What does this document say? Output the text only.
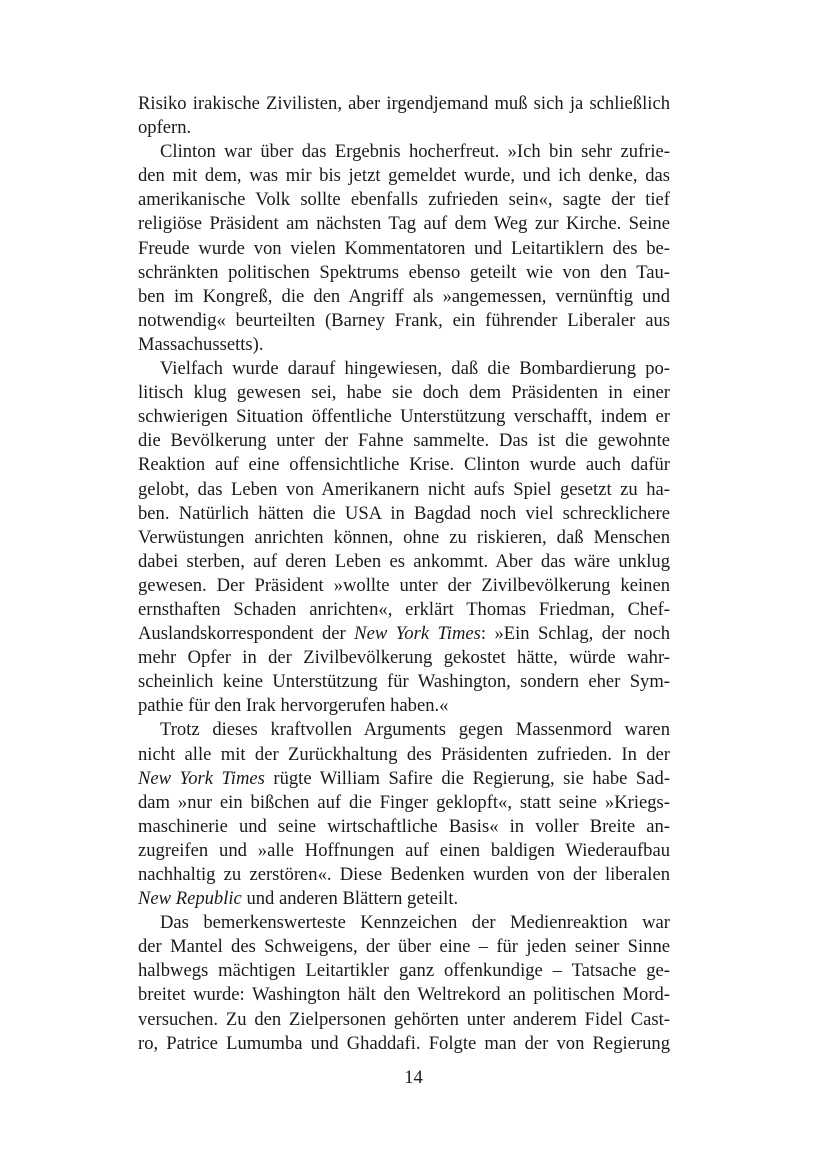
Risiko irakische Zivilisten, aber irgendjemand muß sich ja schließlich
opfern.
Clinton war über das Ergebnis hocherfreut. »Ich bin sehr zufrie-
den mit dem, was mir bis jetzt gemeldet wurde, und ich denke, das
amerikanische Volk sollte ebenfalls zufrieden sein«, sagte der tief
religiöse Präsident am nächsten Tag auf dem Weg zur Kirche. Seine
Freude wurde von vielen Kommentatoren und Leitartiklern des be-
schränkten politischen Spektrums ebenso geteilt wie von den Tau-
ben im Kongreß, die den Angriff als »angemessen, vernünftig und
notwendig« beurteilten (Barney Frank, ein führender Liberaler aus
Massachussetts).
Vielfach wurde darauf hingewiesen, daß die Bombardierung po-
litisch klug gewesen sei, habe sie doch dem Präsidenten in einer
schwierigen Situation öffentliche Unterstützung verschafft, indem er
die Bevölkerung unter der Fahne sammelte. Das ist die gewohnte
Reaktion auf eine offensichtliche Krise. Clinton wurde auch dafür
gelobt, das Leben von Amerikanern nicht aufs Spiel gesetzt zu ha-
ben. Natürlich hätten die USA in Bagdad noch viel schrecklichere
Verwüstungen anrichten können, ohne zu riskieren, daß Menschen
dabei sterben, auf deren Leben es ankommt. Aber das wäre unklug
gewesen. Der Präsident »wollte unter der Zivilbevölkerung keinen
ernsthaften Schaden anrichten«, erklärt Thomas Friedman, Chef-
Auslandskorrespondent der New York Times: »Ein Schlag, der noch
mehr Opfer in der Zivilbevölkerung gekostet hätte, würde wahr-
scheinlich keine Unterstützung für Washington, sondern eher Sym-
pathie für den Irak hervorgerufen haben.«
Trotz dieses kraftvollen Arguments gegen Massenmord waren
nicht alle mit der Zurückhaltung des Präsidenten zufrieden. In der
New York Times rügte William Safire die Regierung, sie habe Sad-
dam »nur ein bißchen auf die Finger geklopft«, statt seine »Kriegs-
maschinerie und seine wirtschaftliche Basis« in voller Breite an-
zugreifen und »alle Hoffnungen auf einen baldigen Wiederaufbau
nachhaltig zu zerstören«. Diese Bedenken wurden von der liberalen
New Republic und anderen Blättern geteilt.
Das bemerkenswerteste Kennzeichen der Medienreaktion war
der Mantel des Schweigens, der über eine – für jeden seiner Sinne
halbwegs mächtigen Leitartikler ganz offenkundige – Tatsache ge-
breitet wurde: Washington hält den Weltrekord an politischen Mord-
versuchen. Zu den Zielpersonen gehörten unter anderem Fidel Cast-
ro, Patrice Lumumba und Ghaddafi. Folgte man der von Regierung
14
